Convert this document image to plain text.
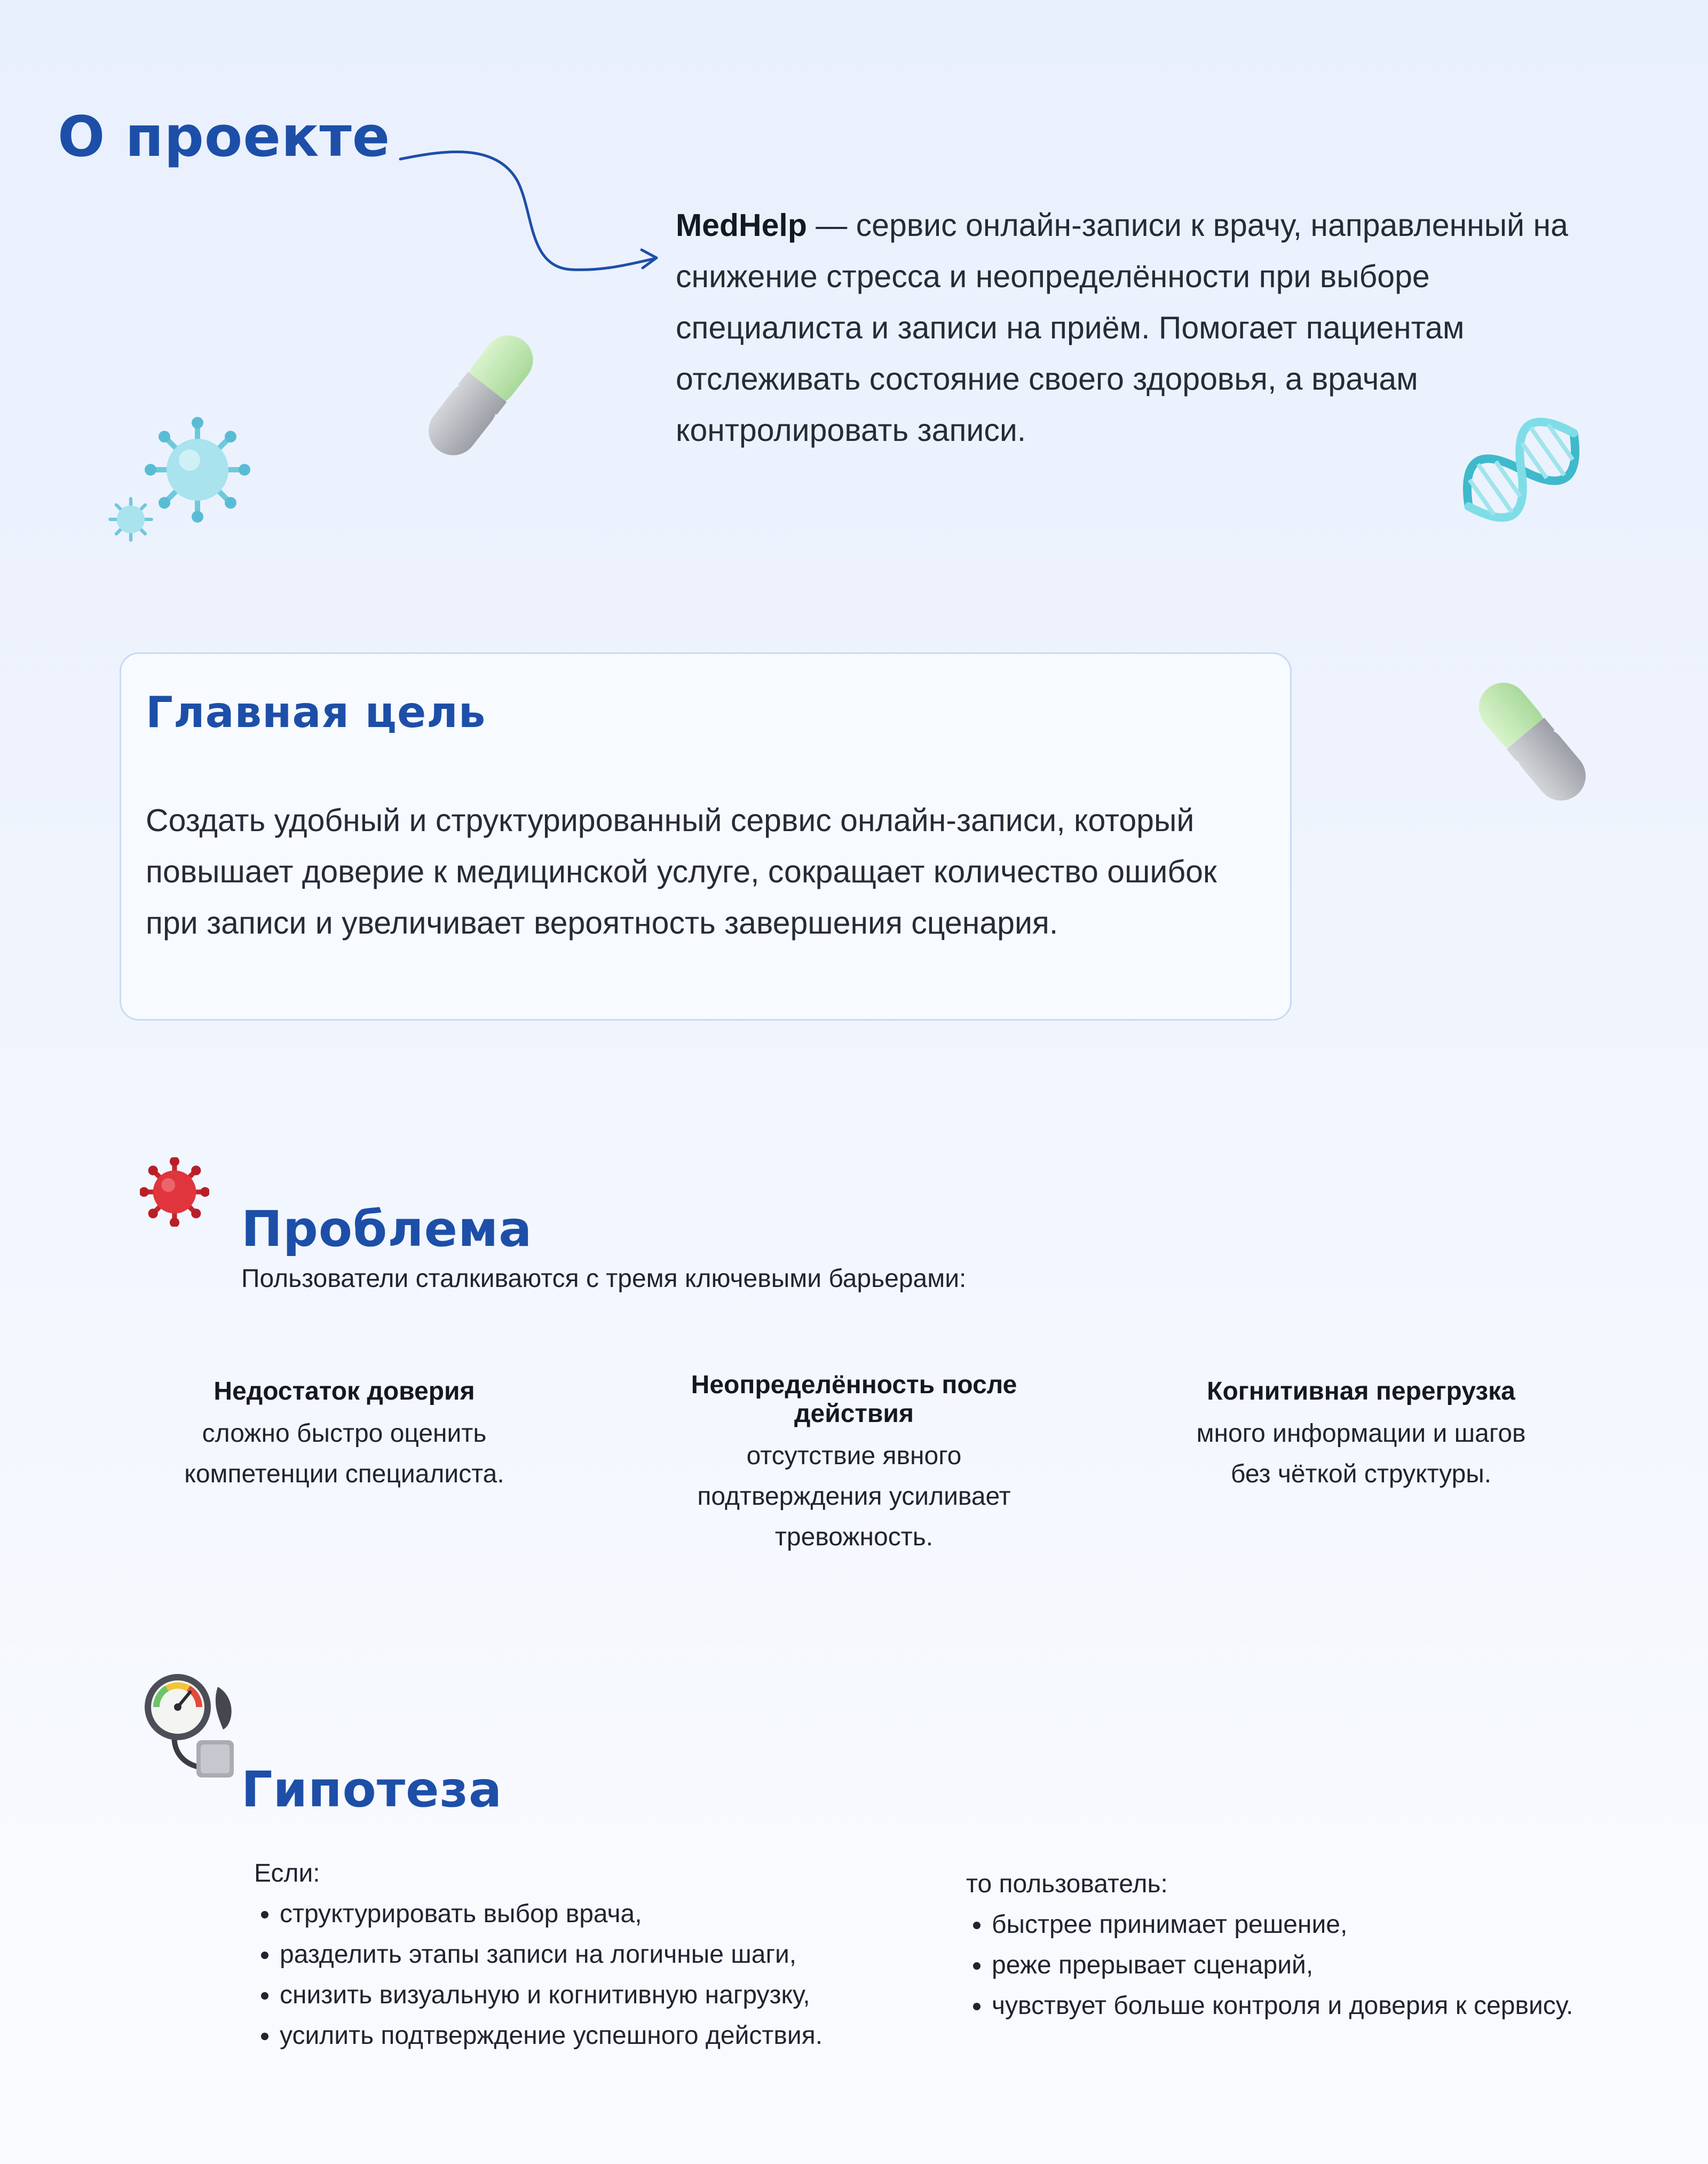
О проекте
MedHelp — сервис онлайн-записи к врачу, направленный на снижение стресса и неопределённости при выборе специалиста и записи на приём. Помогает пациентам отслеживать состояние своего здоровья, а врачам контролировать записи.
Главная цель
Создать удобный и структурированный сервис онлайн-записи, который повышает доверие к медицинской услуге, сокращает количество ошибок при записи и увеличивает вероятность завершения сценария.
Проблема
Пользователи сталкиваются с тремя ключевыми барьерами:
Недостаток доверия
сложно быстро оценить компетенции специалиста.
Неопределённость после действия
отсутствие явного подтверждения усиливает тревожность.
Когнитивная перегрузка
много информации и шагов без чёткой структуры.
Гипотеза
Если:
• структурировать выбор врача,
• разделить этапы записи на логичные шаги,
• снизить визуальную и когнитивную нагрузку,
• усилить подтверждение успешного действия.
то пользователь:
• быстрее принимает решение,
• реже прерывает сценарий,
• чувствует больше контроля и доверия к сервису.
